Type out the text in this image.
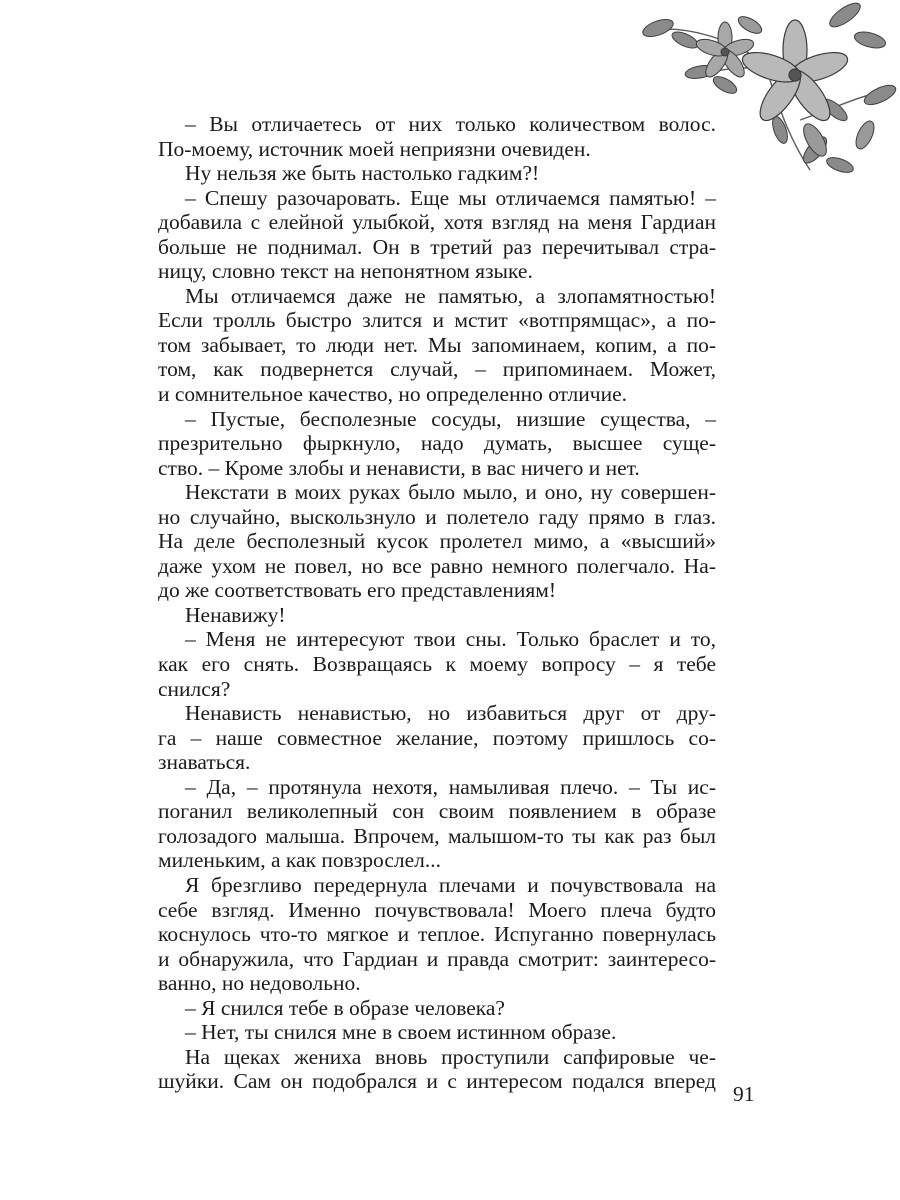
– Вы отличаетесь от них только количеством волос.
По-моему, источник моей неприязни очевиден.
Ну нельзя же быть настолько гадким?!
– Спешу разочаровать. Еще мы отличаемся памятью! –
добавила с елейной улыбкой, хотя взгляд на меня Гардиан
больше не поднимал. Он в третий раз перечитывал стра-
ницу, словно текст на непонятном языке.
Мы отличаемся даже не памятью, а злопамятностью!
Если тролль быстро злится и мстит «вотпрямщас», а по-
том забывает, то люди нет. Мы запоминаем, копим, а по-
том, как подвернется случай, – припоминаем. Может,
и сомнительное качество, но определенно отличие.
– Пустые, бесполезные сосуды, низшие существа, –
презрительно фыркнуло, надо думать, высшее суще-
ство. – Кроме злобы и ненависти, в вас ничего и нет.
Некстати в моих руках было мыло, и оно, ну совершен-
но случайно, выскользнуло и полетело гаду прямо в глаз.
На деле бесполезный кусок пролетел мимо, а «высший»
даже ухом не повел, но все равно немного полегчало. На-
до же соответствовать его представлениям!
Ненавижу!
– Меня не интересуют твои сны. Только браслет и то,
как его снять. Возвращаясь к моему вопросу – я тебе
снился?
Ненависть ненавистью, но избавиться друг от дру-
га – наше совместное желание, поэтому пришлось со-
знаваться.
– Да, – протянула нехотя, намыливая плечо. – Ты ис-
поганил великолепный сон своим появлением в образе
голозадого малыша. Впрочем, малышом-то ты как раз был
миленьким, а как повзрослел...
Я брезгливо передернула плечами и почувствовала на
себе взгляд. Именно почувствовала! Моего плеча будто
коснулось что-то мягкое и теплое. Испуганно повернулась
и обнаружила, что Гардиан и правда смотрит: заинтересо-
ванно, но недовольно.
– Я снился тебе в образе человека?
– Нет, ты снился мне в своем истинном образе.
На щеках жениха вновь проступили сапфировые че-
шуйки. Сам он подобрался и с интересом подался вперед
91
